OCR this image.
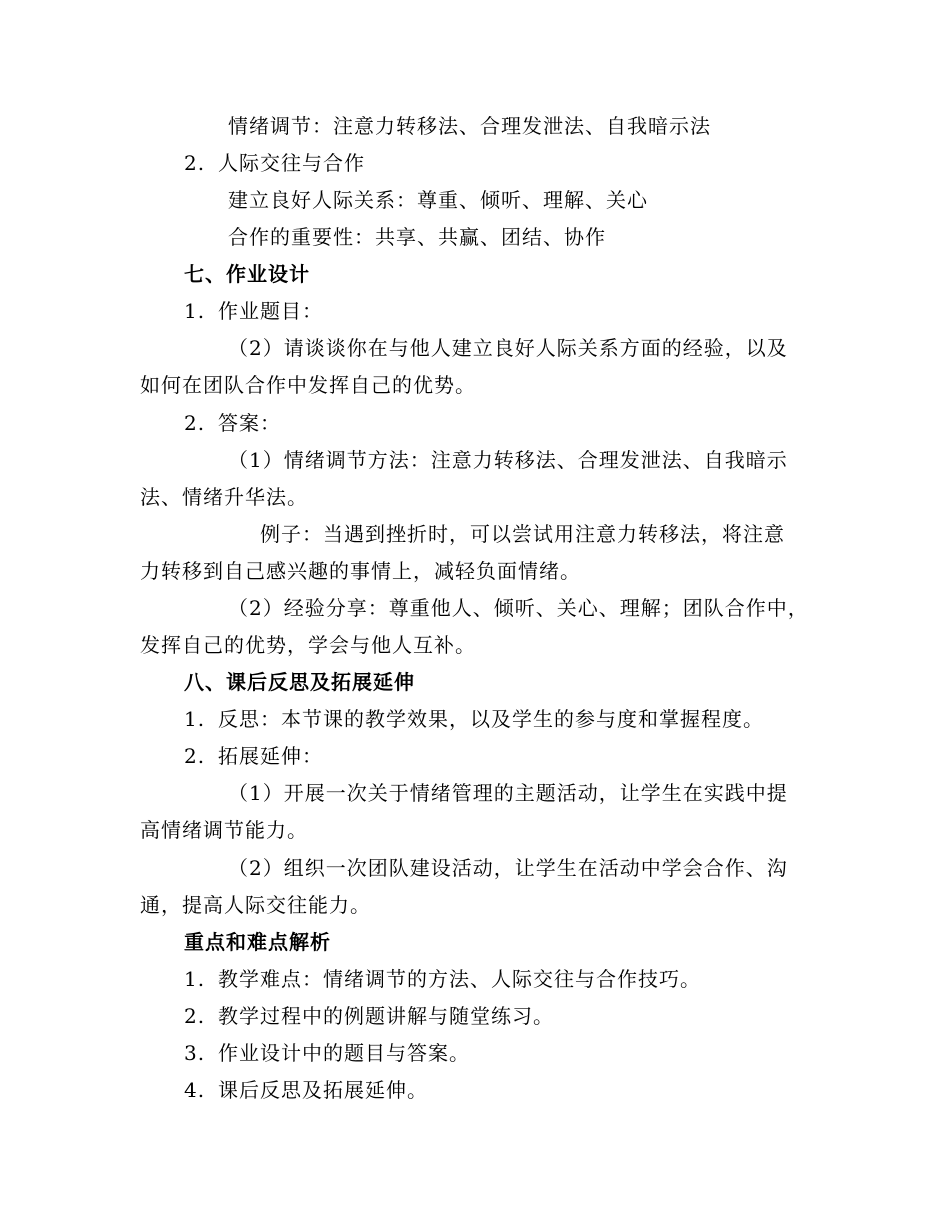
情绪调节：注意力转移法、合理发泄法、自我暗示法
2. 人际交往与合作
建立良好人际关系：尊重、倾听、理解、关心
合作的重要性：共享、共赢、团结、协作
七、作业设计
1. 作业题目：
（2）请谈谈你在与他人建立良好人际关系方面的经验，以及
如何在团队合作中发挥自己的优势。
2. 答案：
（1）情绪调节方法：注意力转移法、合理发泄法、自我暗示
法、情绪升华法。
例子：当遇到挫折时，可以尝试用注意力转移法，将注意
力转移到自己感兴趣的事情上，减轻负面情绪。
（2）经验分享：尊重他人、倾听、关心、理解；团队合作中，
发挥自己的优势，学会与他人互补。
八、课后反思及拓展延伸
1. 反思：本节课的教学效果，以及学生的参与度和掌握程度。
2. 拓展延伸：
（1）开展一次关于情绪管理的主题活动，让学生在实践中提
高情绪调节能力。
（2）组织一次团队建设活动，让学生在活动中学会合作、沟
通，提高人际交往能力。
重点和难点解析
1. 教学难点：情绪调节的方法、人际交往与合作技巧。
2. 教学过程中的例题讲解与随堂练习。
3. 作业设计中的题目与答案。
4. 课后反思及拓展延伸。
